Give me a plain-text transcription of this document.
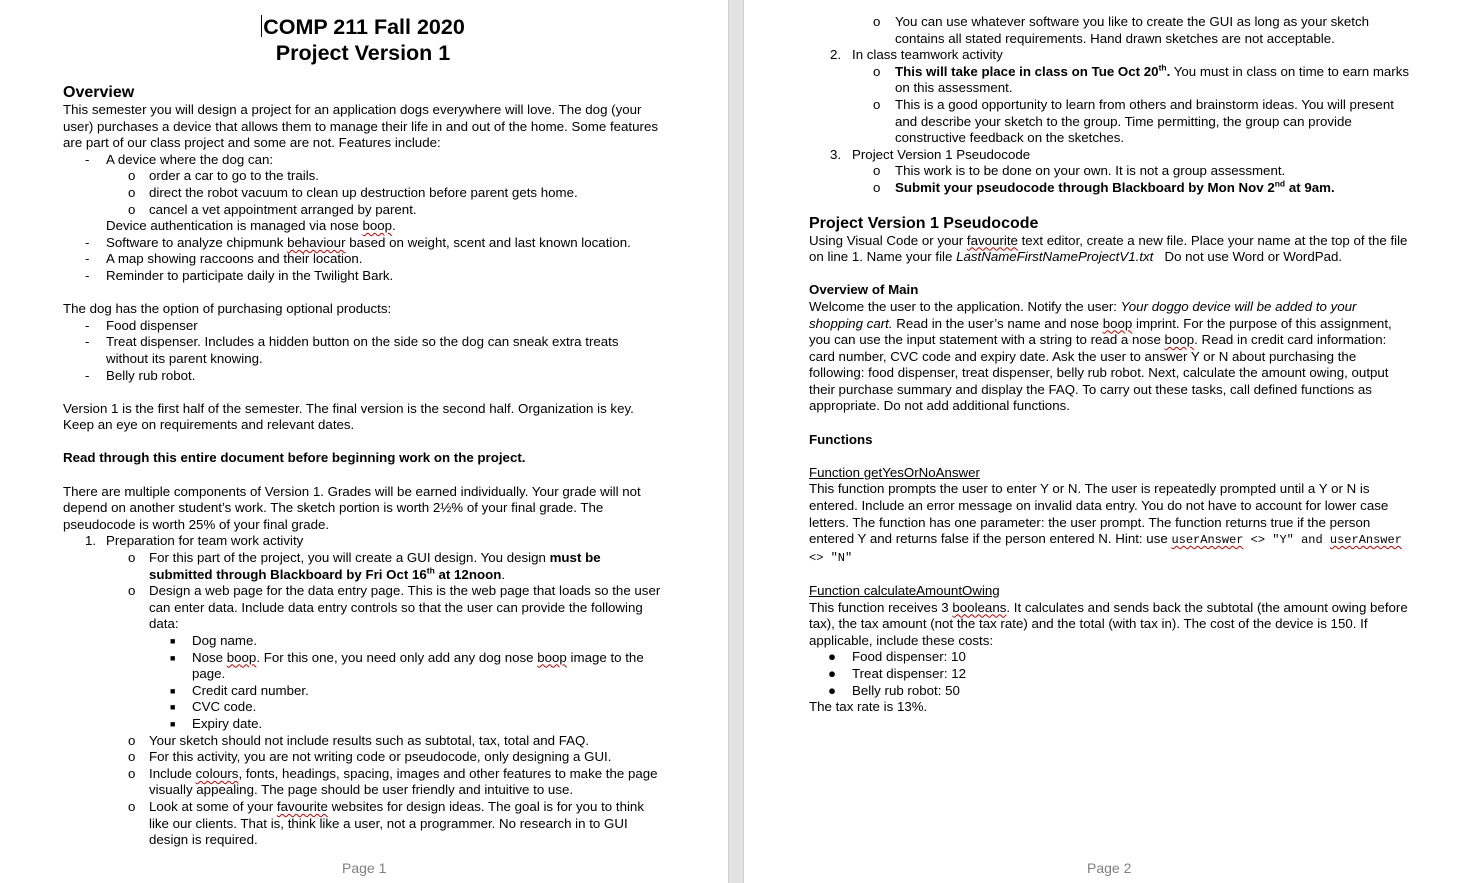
COMP 211 Fall 2020
Project Version 1
Overview

This semester you will design a project for an application dogs everywhere will love. The dog (your user) purchases a device that allows them to manage their life in and out of the home. Some features are part of our class project and some are not. Features include:

-	A device where the dog can:
o	order a car to go to the trails.
o	direct the robot vacuum to clean up destruction before parent gets home.
o	cancel a vet appointment arranged by parent.
Device authentication is managed via nose boop.
-	Software to analyze chipmunk behaviour based on weight, scent and last known location.
-	A map showing raccoons and their location.
-	Reminder to participate daily in the Twilight Bark.

The dog has the option of purchasing optional products:

-	Food dispenser
-	Treat dispenser. Includes a hidden button on the side so the dog can sneak extra treats without its parent knowing.
-	Belly rub robot.

Version 1 is the first half of the semester. The final version is the second half. Organization is key. Keep an eye on requirements and relevant dates.

Read through this entire document before beginning work on the project.

There are multiple components of Version 1. Grades will be earned individually. Your grade will not depend on another student’s work. The sketch portion is worth 2½% of your final grade. The pseudocode is worth 25% of your final grade.

1. Preparation for team work activity
o	For this part of the project, you will create a GUI design. You design must be submitted through Blackboard by Fri Oct 16th at 12noon.
o	Design a web page for the data entry page. This is the web page that loads so the user can enter data. Include data entry controls so that the user can provide the following data:
■	Dog name.
■	Nose boop. For this one, you need only add any dog nose boop image to the page.
■	Credit card number.
■	CVC code.
■	Expiry date.
o	Your sketch should not include results such as subtotal, tax, total and FAQ.
o	For this activity, you are not writing code or pseudocode, only designing a GUI.
o	Include colours, fonts, headings, spacing, images and other features to make the page visually appealing. The page should be user friendly and intuitive to use.
o	Look at some of your favourite websites for design ideas. The goal is for you to think like our clients. That is, think like a user, not a programmer. No research in to GUI design is required.
Page 1
o	You can use whatever software you like to create the GUI as long as your sketch contains all stated requirements. Hand drawn sketches are not acceptable.
2. In class teamwork activity
o	This will take place in class on Tue Oct 20th. You must in class on time to earn marks on this assessment.
o	This is a good opportunity to learn from others and brainstorm ideas. You will present and describe your sketch to the group. Time permitting, the group can provide constructive feedback on the sketches.
3. Project Version 1 Pseudocode
o	This work is to be done on your own. It is not a group assessment.
o	Submit your pseudocode through Blackboard by Mon Nov 2nd at 9am.
Project Version 1 Pseudocode

Using Visual Code or your favourite text editor, create a new file. Place your name at the top of the file on line 1. Name your file LastNameFirstNameProjectV1.txt   Do not use Word or WordPad.

Overview of Main

Welcome the user to the application. Notify the user: Your doggo device will be added to your shopping cart. Read in the user’s name and nose boop imprint. For the purpose of this assignment, you can use the input statement with a string to read a nose boop. Read in credit card information: card number, CVC code and expiry date. Ask the user to answer Y or N about purchasing the following: food dispenser, treat dispenser, belly rub robot. Next, calculate the amount owing, output their purchase summary and display the FAQ. To carry out these tasks, call defined functions as appropriate. Do not add additional functions.

Functions

Function getYesOrNoAnswer

This function prompts the user to enter Y or N. The user is repeatedly prompted until a Y or N is entered. Include an error message on invalid data entry. You do not have to account for lower case letters. The function has one parameter: the user prompt. The function returns true if the person entered Y and returns false if the person entered N. Hint: use userAnswer <> "Y" and userAnswer <> "N"

Function calculateAmountOwing

This function receives 3 booleans. It calculates and sends back the subtotal (the amount owing before tax), the tax amount (not the tax rate) and the total (with tax in). The cost of the device is 150. If applicable, include these costs:

●	Food dispenser: 10
●	Treat dispenser: 12
●	Belly rub robot: 50

The tax rate is 13%.

Page 2
